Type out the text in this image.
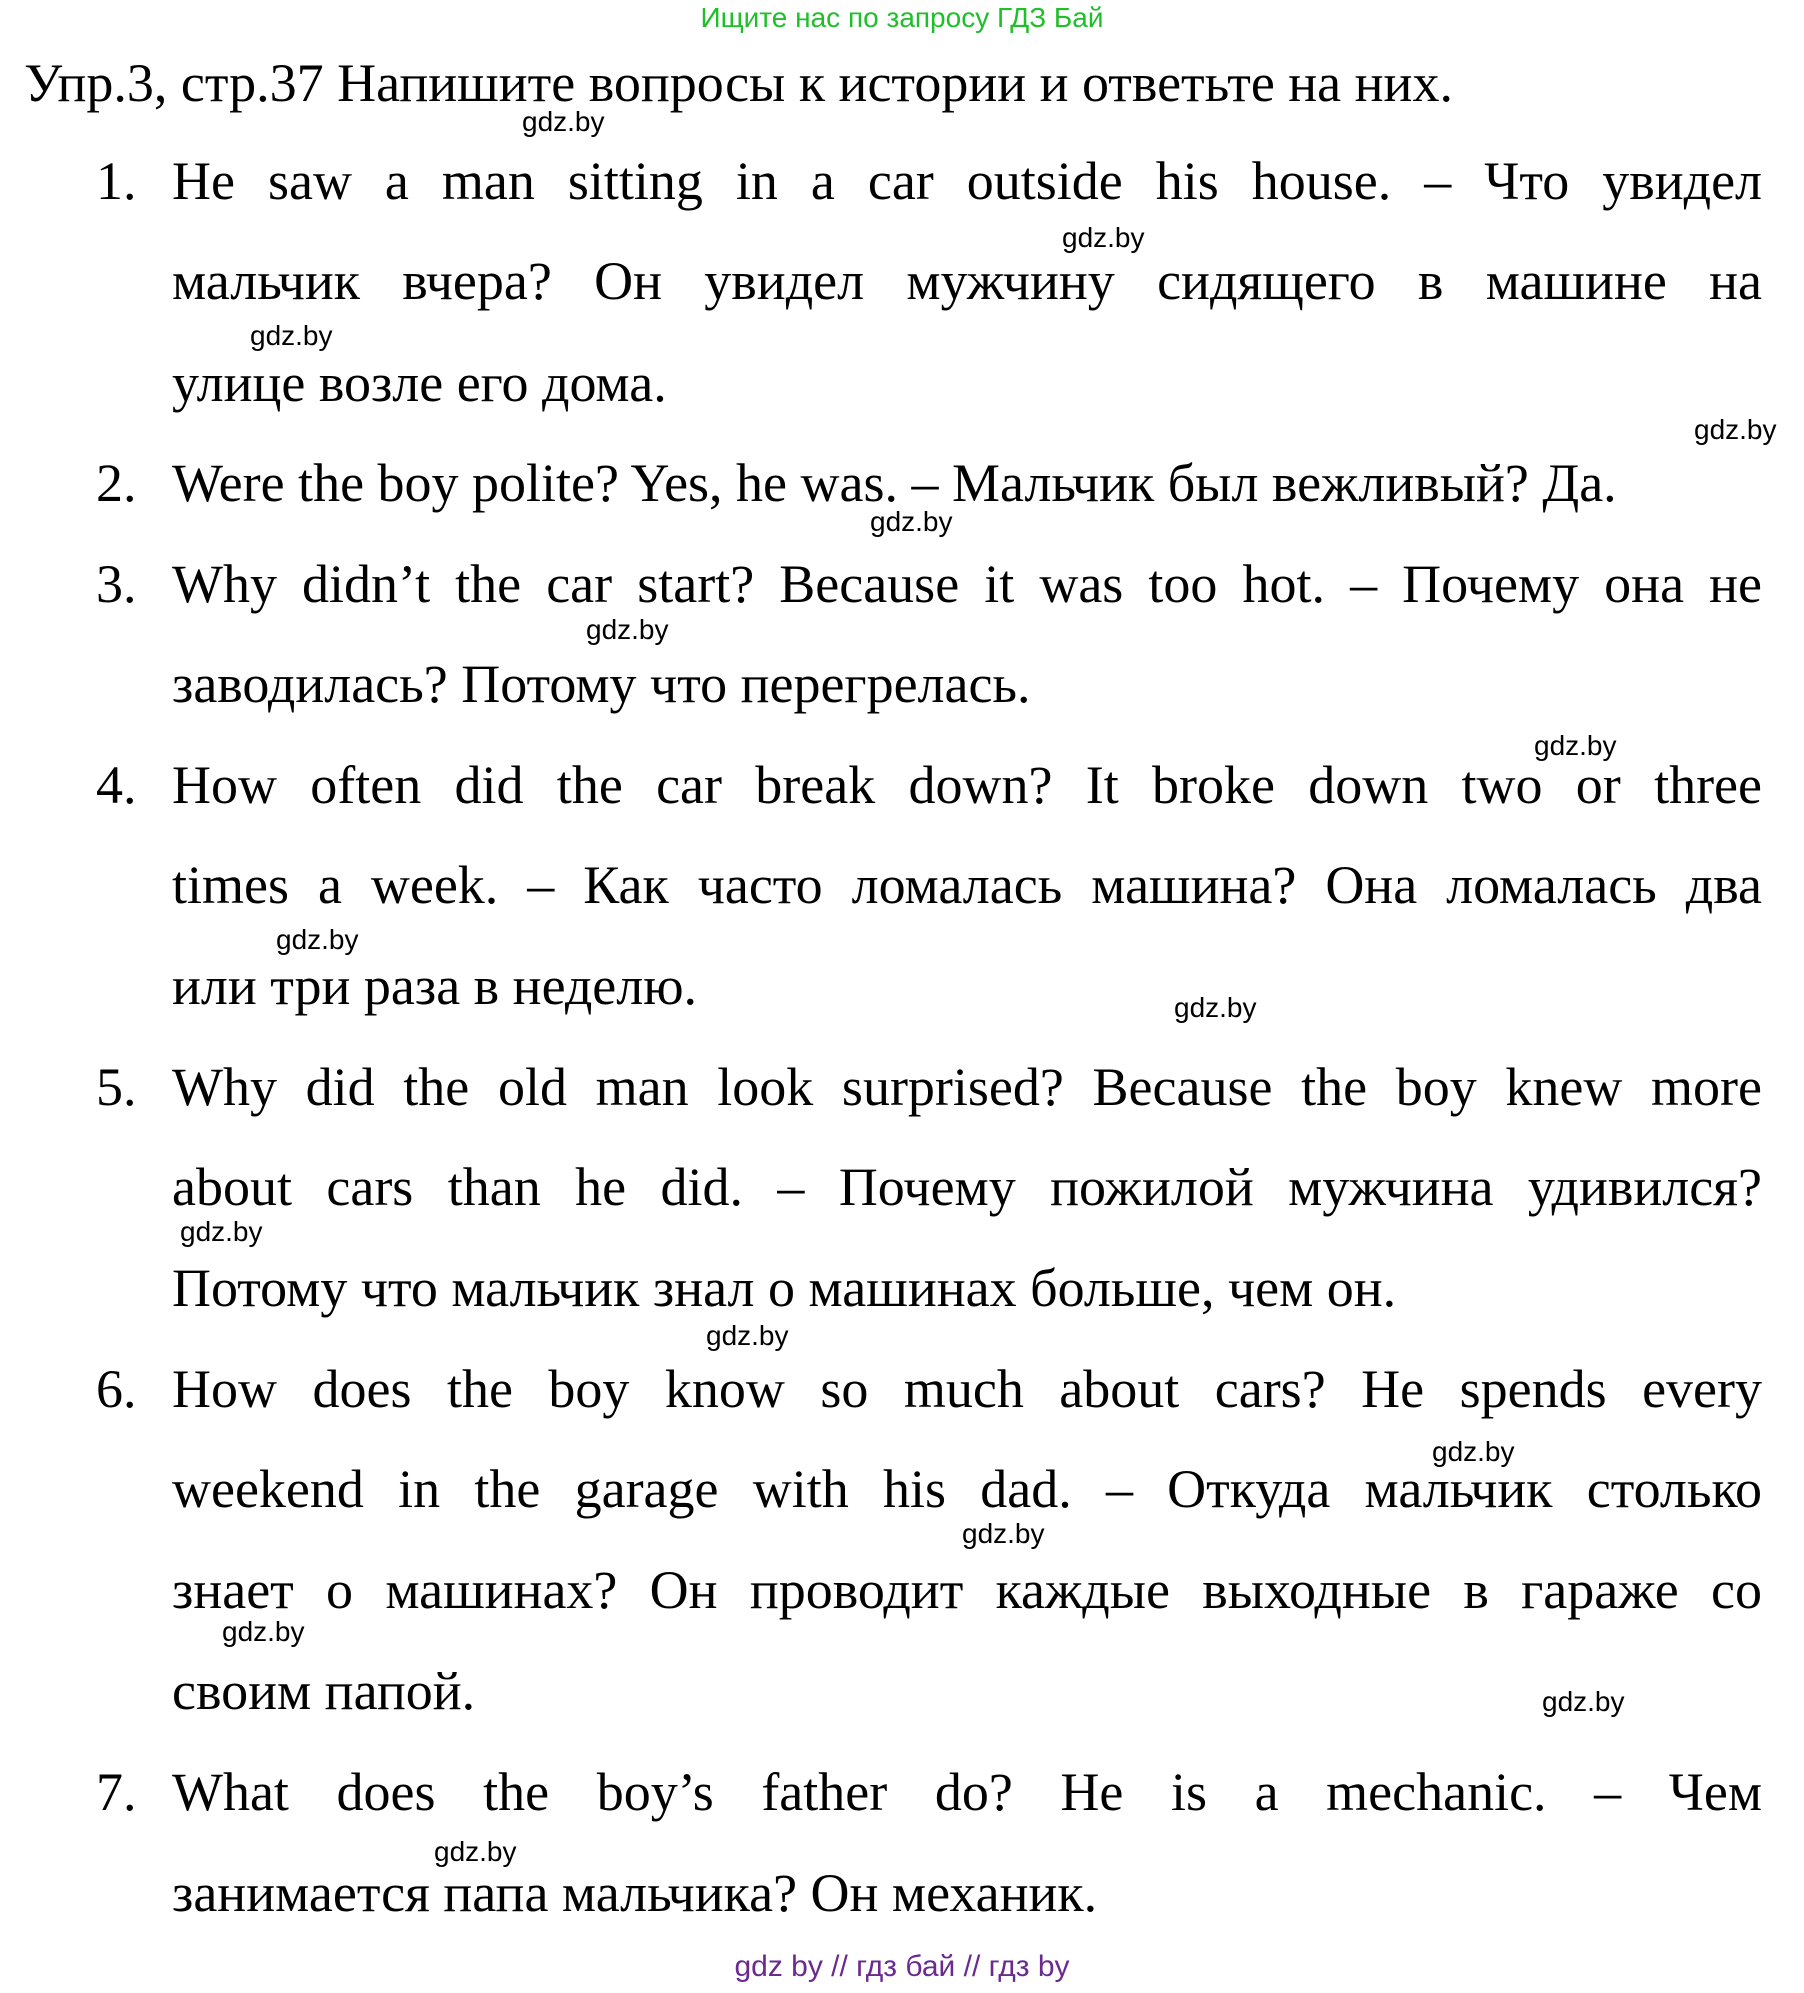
Ищите нас по запросу ГДЗ Бай
Упр.3, стр.37 Напишите вопросы к истории и ответьте на них.
1. He saw a man sitting in a car outside his house. – Что увидел
мальчик вчера? Он увидел мужчину сидящего в машине на
улице возле его дома.
2. Were the boy polite? Yes, he was. – Мальчик был вежливый? Да.
3. Why didn’t the car start? Because it was too hot. – Почему она не
заводилась? Потому что перегрелась.
4. How often did the car break down? It broke down two or three
times a week. – Как часто ломалась машина? Она ломалась два
или три раза в неделю.
5. Why did the old man look surprised? Because the boy knew more
about cars than he did. – Почему пожилой мужчина удивился?
Потому что мальчик знал о машинах больше, чем он.
6. How does the boy know so much about cars? He spends every
weekend in the garage with his dad. – Откуда мальчик столько
знает о машинах? Он проводит каждые выходные в гараже со
своим папой.
7. What does the boy’s father do? He is a mechanic. – Чем
занимается папа мальчика? Он механик.
gdz.by
gdz.by
gdz.by
gdz.by
gdz.by
gdz.by
gdz.by
gdz.by
gdz.by
gdz.by
gdz.by
gdz.by
gdz.by
gdz.by
gdz.by
gdz.by
gdz by // гдз бай // гдз by
